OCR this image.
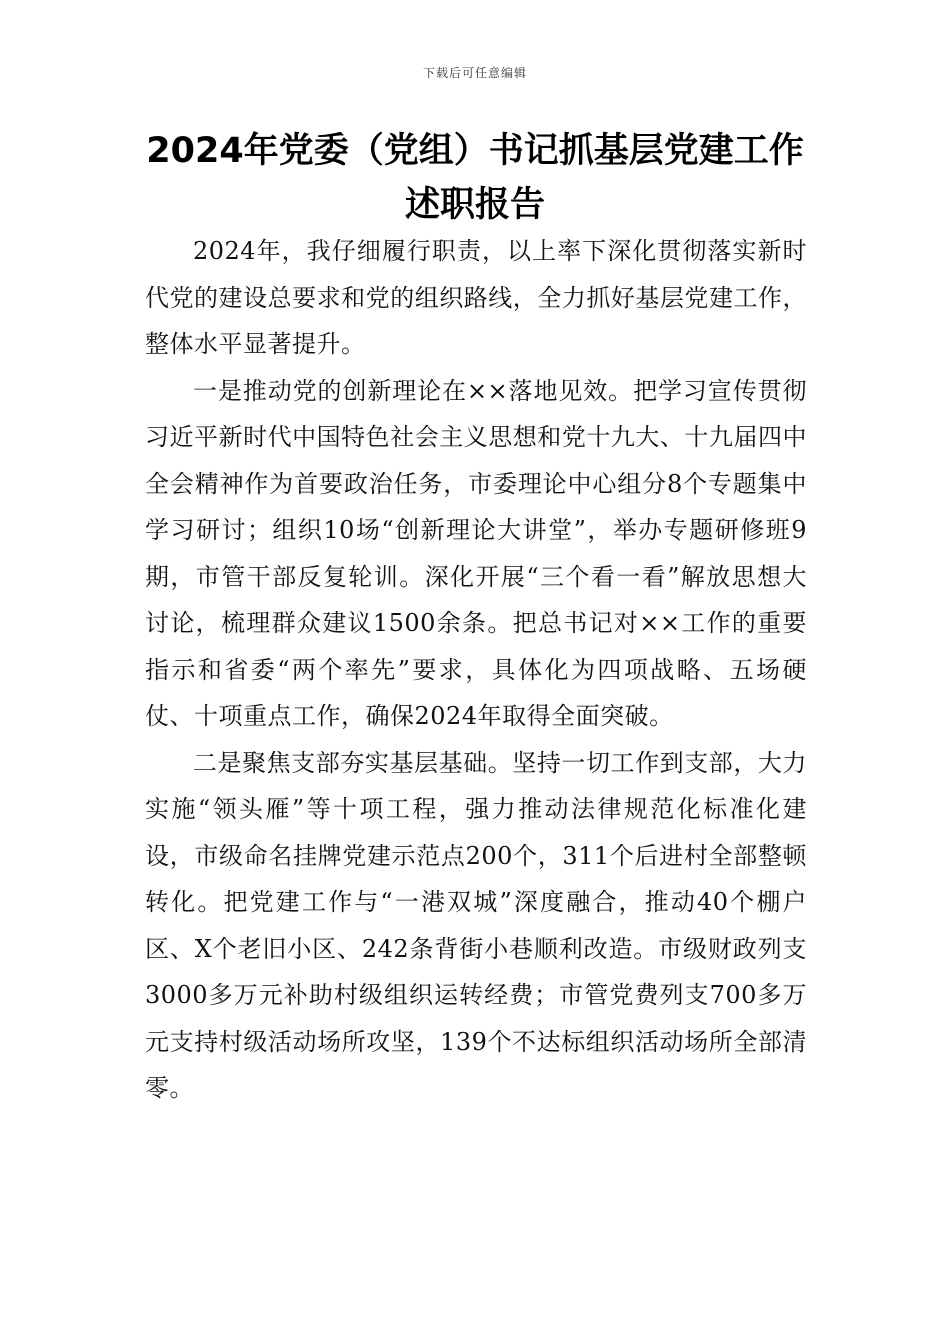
下载后可任意编辑
2024年党委（党组）书记抓基层党建工作
述职报告

2024年，我仔细履行职责，以上率下深化贯彻落实新时代党的建设总要求和党的组织路线，全力抓好基层党建工作，整体水平显著提升。

一是推动党的创新理论在××落地见效。把学习宣传贯彻习近平新时代中国特色社会主义思想和党十九大、十九届四中全会精神作为首要政治任务，市委理论中心组分8个专题集中学习研讨；组织10场“创新理论大讲堂”，举办专题研修班9期，市管干部反复轮训。深化开展“三个看一看”解放思想大讨论，梳理群众建议1500余条。把总书记对××工作的重要指示和省委“两个率先”要求，具体化为四项战略、五场硬仗、十项重点工作，确保2024年取得全面突破。

二是聚焦支部夯实基层基础。坚持一切工作到支部，大力实施“领头雁”等十项工程，强力推动法律规范化标准化建设，市级命名挂牌党建示范点200个，311个后进村全部整顿转化。把党建工作与“一港双城”深度融合，推动40个棚户区、X个老旧小区、242条背街小巷顺利改造。市级财政列支3000多万元补助村级组织运转经费；市管党费列支700多万元支持村级活动场所攻坚，139个不达标组织活动场所全部清零。
